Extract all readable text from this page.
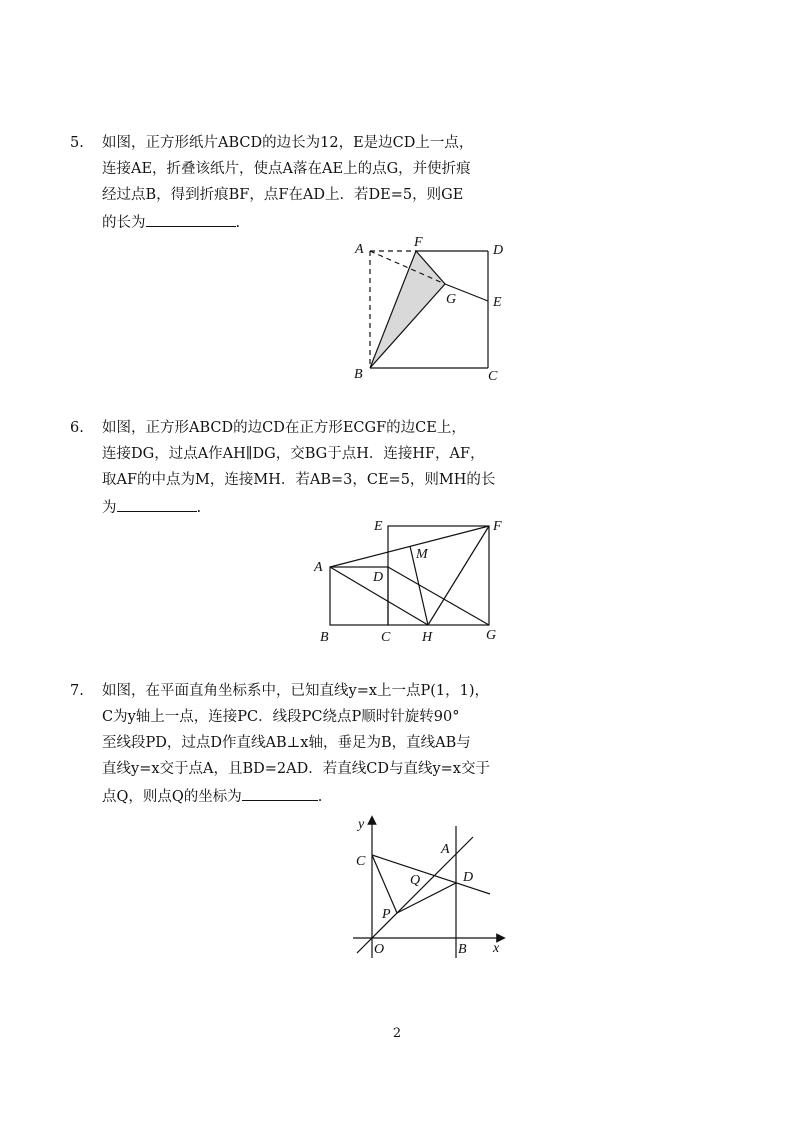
5.	如图，正方形纸片ABCD的边长为12，E是边CD上一点，
连接AE，折叠该纸片，使点A落在AE上的点G，并使折痕
经过点B，得到折痕BF，点F在AD上．若DE=5，则GE
的长为	.
A	F
D
G	E
B	C
6.	如图，正方形ABCD的边CD在正方形ECGF的边CE上，
连接DG，过点A作AH∥DG，交BG于点H．连接HF，AF，
取AF的中点为M，连接MH．若AB=3，CE=5，则MH的长
为	.
E	F
M
A
D
B	C H	G
7.	如图，在平面直角坐标系中，已知直线y=x上一点P(1，1)，
C为y轴上一点，连接PC．线段PC绕点P顺时针旋转90°
至线段PD，过点D作直线AB⊥x轴，垂足为B，直线AB与
直线y=x交于点A，且BD=2AD．若直线CD与直线y=x交于
点Q，则点Q的坐标为	.
y
x
C
A
Q	D
P
O	B
2
